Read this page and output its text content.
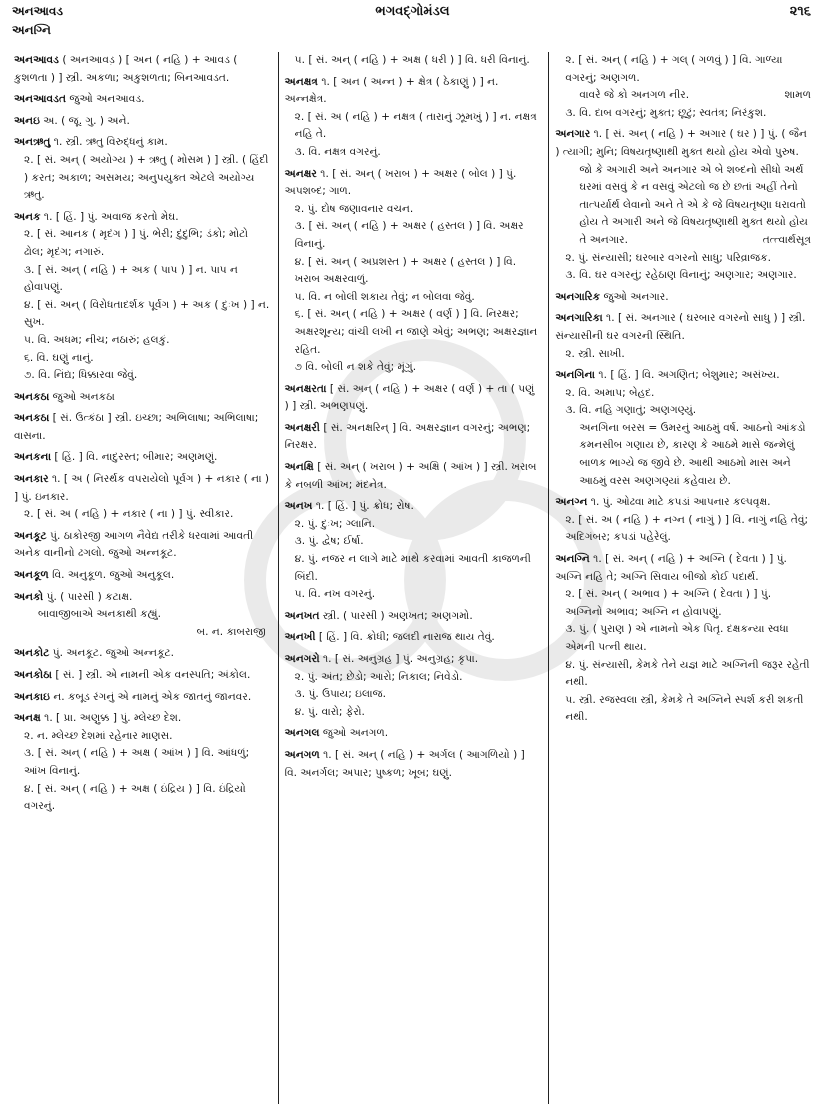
અનઆવડ
અનગ્નિ
ભગવદ્ગોમંડલ	૨૧૬

અનઆવડ ( અનઆવડ઼ ) [ અન ( નહિ ) + આવડ ( કુશળતા ) ] સ્ત્રી. અકળા; અકુશળતા; બિનઆવડત.

અનઆવડત જુઓ અનઆવડ.

અનઇ અ. ( જૂ. ગુ. ) અને.

અનઋતુ ૧. સ્ત્રી. ઋતુ વિરુદ્ધનું કામ.

૨. [ સં. અન્ ( અયોગ્ય ) + ઋતુ ( મોસમ ) ] સ્ત્રી. ( હિંદી ) કરત; અકાળ; અસમય; અનુપયુક્ત એટલે અયોગ્ય ઋતુ.

અનક ૧. [ હિં. ] પું. અવાજ કરતો મેઘ.

૨. [ સં. આનક ( મૃદંગ ) ] પું. ભેરી; દુંદુભિ; ડંકો; મોટો ઢોલ; મૃદંગ; નગારું.

૩. [ સં. અન્ ( નહિ ) + અક ( પાપ ) ] ન. પાપ ન હોવાપણું.

૪. [ સં. અન્ ( વિરોધતાદર્શક પૂર્વગ ) + અક ( દુઃખ ) ] ન. સુખ.

૫. વિ. અધમ; નીચ; નઠારું; હલકું.

૬. વિ. ઘણું નાનું.

૭. વિ. નિંદ્ય; ધિક્કારવા જેવું.

અનકઠા જુઓ અનકઠા

અનકઠા [ સં. ઉત્કંઠા ] સ્ત્રી. ઇચ્છા; અભિલાષા; અભિલાષા; વાસના.

અનકના [ હિં. ] વિ. નાદુરસ્ત; બીમાર; અણમણું.

અનકાર ૧. [ અ ( નિરર્થક વપરાયેલો પૂર્વગ ) + નકાર ( ના ) ] પું. ઇનકાર.

૨. [ સં. અ ( નહિ ) + નકાર ( ના ) ] પું. સ્વીકાર.

અનકૂટ પું. ઠાકોરજી આગળ નૈવેદ્ય તરીકે ધરવામાં આવતી અનેક વાનીનો ઢગલો. જુઓ અન્નકૂટ.

અનકૂળ વિ. અનુકૂળ. જુઓ અનુકૂલ.

અનકો પું. ( પારસી ) કટાક્ષ.

બાવાજીબાએ અનકાથી કહ્યું.

બ. ન. કાબરાજી

અનકોટ પું. અનકૂટ. જુઓ અન્નકૂટ.

અનકોઠા [ સં. ] સ્ત્રી. એ નામની એક વનસ્પતિ; અંકોલ.

અનકાઇ ન. કબૂડ રંગનું એ નામનું એક જાતનું જાનવર.

અનક્ષ ૧. [ પ્રા. અણુક્ક ] પું. મ્લેચ્છ દેશ.

૨. ન. મ્લેચ્છ દેશમાં રહેનાર માણસ.

૩. [ સં. અન્ ( નહિ ) + અક્ષ ( આંખ ) ] વિ. આંધળું; આંખ વિનાનું.

૪. [ સં. અન્ ( નહિ ) + અક્ષ ( ઇંદ્રિય ) ] વિ. ઇંદ્રિયો વગરનું.

૫. [ સં. અન્ ( નહિ ) + અક્ષ ( ધરી ) ] વિ. ધરી વિનાનું.

અનક્ષત્ર ૧. [ અન ( અન્ન ) + ક્ષેત્ર ( ઠેકાણું ) ] ન. અન્નક્ષેત્ર.

૨. [ સં. અ ( નહિ ) + નક્ષત્ર ( તારાનું ઝૂમખું ) ] ન. નક્ષત્ર નહિ તે.

૩. વિ. નક્ષત્ર વગરનું.

અનક્ષર ૧. [ સં. અન્ ( ખરાબ ) + અક્ષર ( બોલ ) ] પું. અપશબ્દ; ગાળ.

૨. પું. દોષ જણાવનાર વચન.

૩. [ સં. અન્ ( નહિ ) + અક્ષર ( હસ્તલ ) ] વિ. અક્ષર વિનાનું.

૪. [ સં. અન્ ( અપ્રશસ્ત ) + અક્ષર ( હસ્તલ ) ] વિ. ખરાબ અક્ષરવાળું.

૫. વિ. ન બોલી શકાય તેવું; ન બોલવા જેવું.

૬. [ સં. અન્ ( નહિ ) + અક્ષર ( વર્ણ ) ] વિ. નિરક્ષર; અક્ષરશૂન્ય; વાંચી લખી ન જાણે એવું; અભણ; અક્ષરજ્ઞાન રહિત.

૭ વિ. બોલી ન શકે તેવું; મૂંગું.

અનક્ષરતા [ સં. અન્ ( નહિ ) + અક્ષર ( વર્ણ ) + તા ( પણું ) ] સ્ત્રી. અભણપણું.

અનક્ષરી [ સં. અનક્ષરિન્ ] વિ. અક્ષરજ્ઞાન વગરનું; અભણ; નિરક્ષર.

અનક્ષિ [ સં. અન્ ( ખરાબ ) + અક્ષિ ( આંખ ) ] સ્ત્રી. ખરાબ કે નબળી આંખ; મંદનેત્ર.

અનખ ૧. [ હિં. ] પું. ક્રોધ; રોષ.

૨. પું. દુઃખ; ગ્લાનિ.

૩. પું. દ્વેષ; ઈર્ષા.

૪. પું. નજર ન લાગે માટે માથે કરવામાં આવતી કાજળની બિંદી.

૫. વિ. નખ વગરનું.

અનખત સ્ત્રી. ( પારસી ) અણખત; અણગમો.

અનખી [ હિં. ] વિ. ક્રોધી; જલદી નારાજ થાય તેવું.

અનગરો ૧. [ સં. અનુગ્રહ ] પું. અનુગ્રહ; કૃપા.

૨. પું. અંત; છેડો; આરો; નિકાલ; નિવેડો.

૩. પું. ઉપાય; ઇલાજ.

૪. પું. વારો; ફેરો.

અનગલ જુઓ અનગળ.

અનગળ ૧. [ સં. અન્ ( નહિ ) + અર્ગલ ( આગળિયો ) ] વિ. અનર્ગલ; અપાર; પુષ્કળ; ખૂબ; ઘણું.

૨. [ સં. અન્ ( નહિ ) + ગલ્ ( ગળવું ) ] વિ. ગાળ્યા વગરનું; અણગળ.

વાવરે જે કો અનગળ નીર.	શામળ

૩. વિ. દાબ વગરનું; મુક્ત; છૂટું; સ્વતંત્ર; નિરંકુશ.

અનગાર ૧. [ સં. અન્ ( નહિ ) + અગાર ( ઘર ) ] પું. ( જૈન ) ત્યાગી; મુનિ; વિષયતૃષ્ણાથી મુક્ત થયો હોય એવો પુરુષ.

જો કે અગારી અને અનગાર એ બે શબ્દનો સીધો અર્થ ઘરમાં વસવું કે ન વસવું એટલો જ છે છતાં અહીં તેનો તાત્પર્યાર્થ લેવાનો અને તે એ કે જે વિષયતૃષ્ણા ધરાવતો હોય તે અગારી અને જે વિષયતૃષ્ણાથી મુક્ત થયો હોય તે અનગાર.	તત્ત્વાર્થસૂત્ર

૨. પું. સંન્યાસી; ઘરબાર વગરનો સાધુ; પરિવ્રાજક.

૩. વિ. ઘર વગરનું; રહેઠાણ વિનાનું; અણગાર; અણગાર.

અનગારિક જુઓ અનગાર.

અનગારિકા ૧. [ સં. અનગાર ( ઘરબાર વગરનો સાધુ ) ] સ્ત્રી. સંન્યાસીની ઘર વગરની સ્થિતિ.

૨. સ્ત્રી. સાખી.

અનગિના ૧. [ હિં. ] વિ. અગણિત; બેશુમાર; અસંખ્ય.

૨. વિ. અમાપ; બેહદ.

૩. વિ. નહિ ગણાતું; અણગણ્યું.

અનગિના બરસ = ઉમરનું આઠમું વર્ષ. આઠનો આંકડો કમનસીબ ગણાય છે, કારણ કે આઠમે માસે જન્મેલું બાળક ભાગ્યે જ જીવે છે. આથી આઠમો માસ અને આઠમું વરસ અણગણ્યાં કહેવાય છે.

અનગ્ન ૧. પું. ઓઢવા માટે કપડાં આપનાર કલ્પવૃક્ષ.

૨. [ સં. અ ( નહિ ) + નગ્ન ( નાગું ) ] વિ. નાગું નહિ તેવું; અદિગંબર; કપડાં પહેરેલું.

અનગ્નિ ૧. [ સં. અન્ ( નહિ ) + અગ્નિ ( દેવતા ) ] પું. અગ્નિ નહિ તે; અગ્નિ સિવાય બીજો કોઈ પદાર્થ.

૨. [ સં. અન્ ( અભાવ ) + અગ્નિ ( દેવતા ) ] પું. અગ્નિનો અભાવ; અગ્નિ ન હોવાપણું.

૩. પું. ( પુરાણ ) એ નામનો એક પિતૃ. દક્ષકન્યા સ્વધા એમની પત્ની થાય.

૪. પું. સંન્યાસી, કેમકે તેને યજ્ઞ માટે અગ્નિની જરૂર રહેતી નથી.

૫. સ્ત્રી. રજસ્વલા સ્ત્રી, કેમકે તે અગ્નિને સ્પર્શ કરી શકતી નથી.
